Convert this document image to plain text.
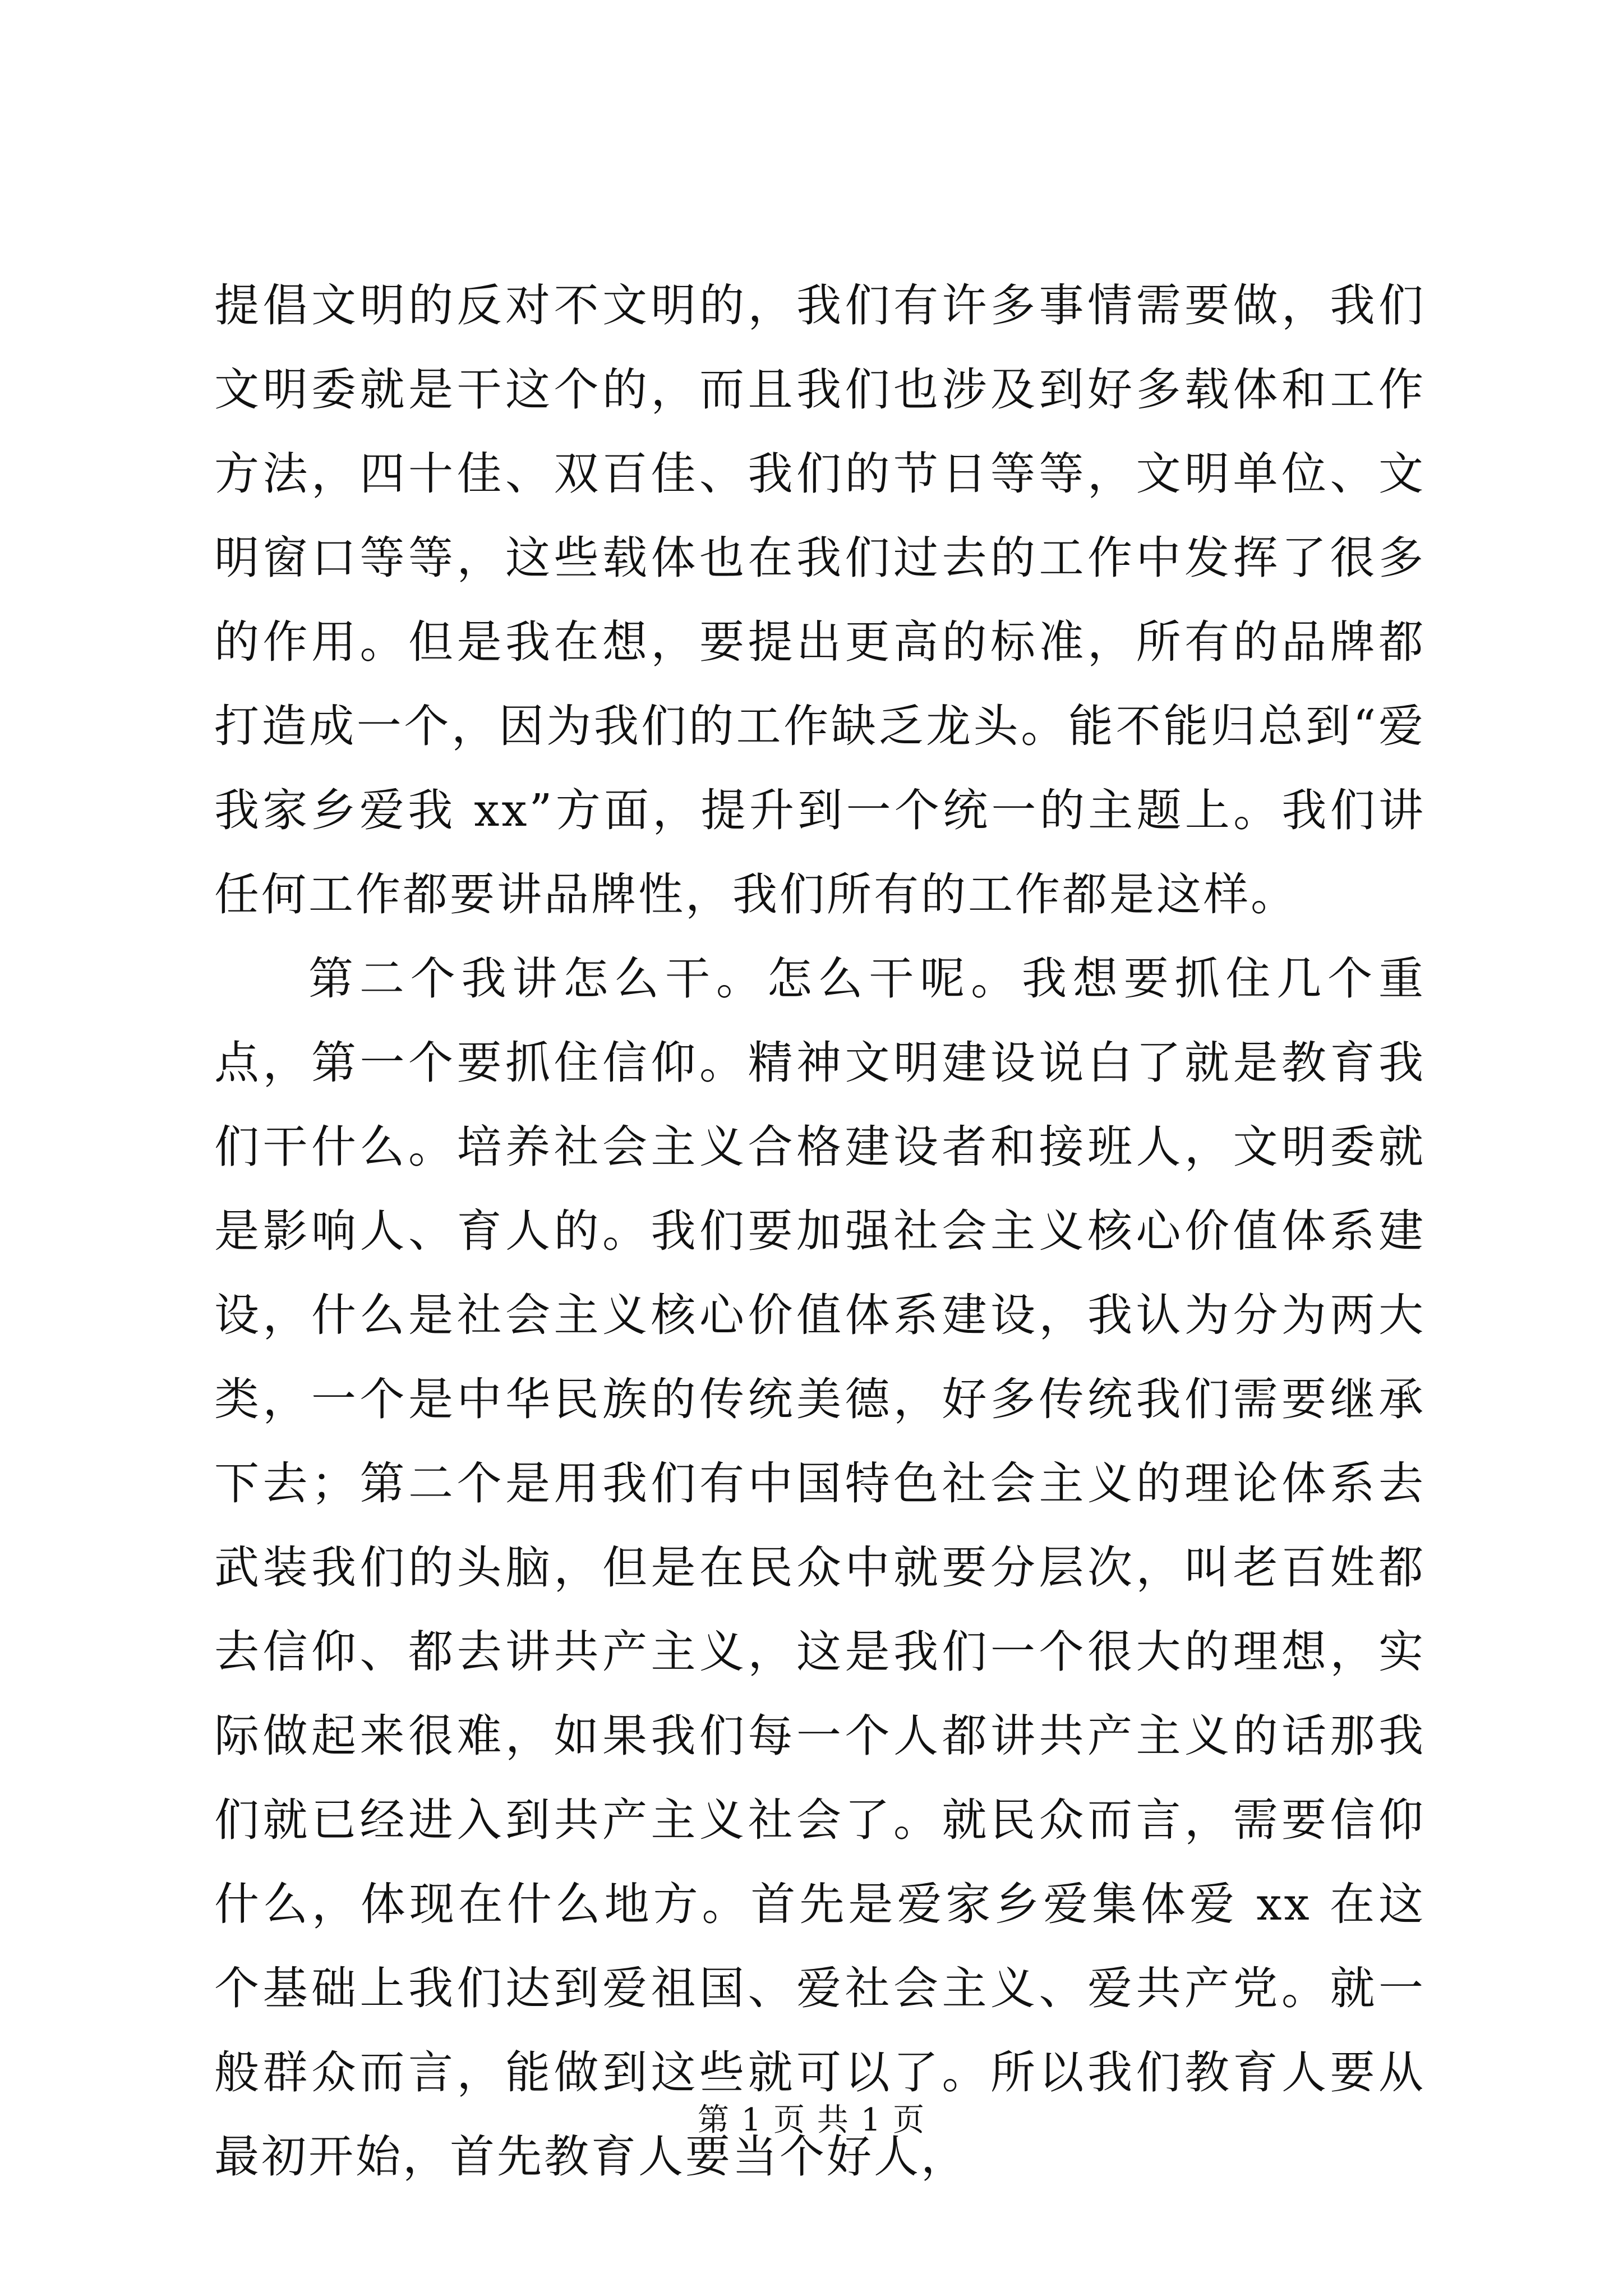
提倡文明的反对不文明的，我们有许多事情需要做，我们文明委就是干这个的，而且我们也涉及到好多载体和工作方法，四十佳、双百佳、我们的节日等等，文明单位、文明窗口等等，这些载体也在我们过去的工作中发挥了很多的作用。但是我在想，要提出更高的标准，所有的品牌都打造成一个，因为我们的工作缺乏龙头。能不能归总到“爱我家乡爱我 xx”方面，提升到一个统一的主题上。我们讲任何工作都要讲品牌性，我们所有的工作都是这样。

第二个我讲怎么干。怎么干呢。我想要抓住几个重点，第一个要抓住信仰。精神文明建设说白了就是教育我们干什么。培养社会主义合格建设者和接班人，文明委就是影响人、育人的。我们要加强社会主义核心价值体系建设，什么是社会主义核心价值体系建设，我认为分为两大类，一个是中华民族的传统美德，好多传统我们需要继承下去；第二个是用我们有中国特色社会主义的理论体系去武装我们的头脑，但是在民众中就要分层次，叫老百姓都去信仰、都去讲共产主义，这是我们一个很大的理想，实际做起来很难，如果我们每一个人都讲共产主义的话那我们就已经进入到共产主义社会了。就民众而言，需要信仰什么，体现在什么地方。首先是爱家乡爱集体爱 xx 在这个基础上我们达到爱祖国、爱社会主义、爱共产党。就一般群众而言，能做到这些就可以了。所以我们教育人要从最初开始，首先教育人要当个好人，

第 1 页 共 1 页
